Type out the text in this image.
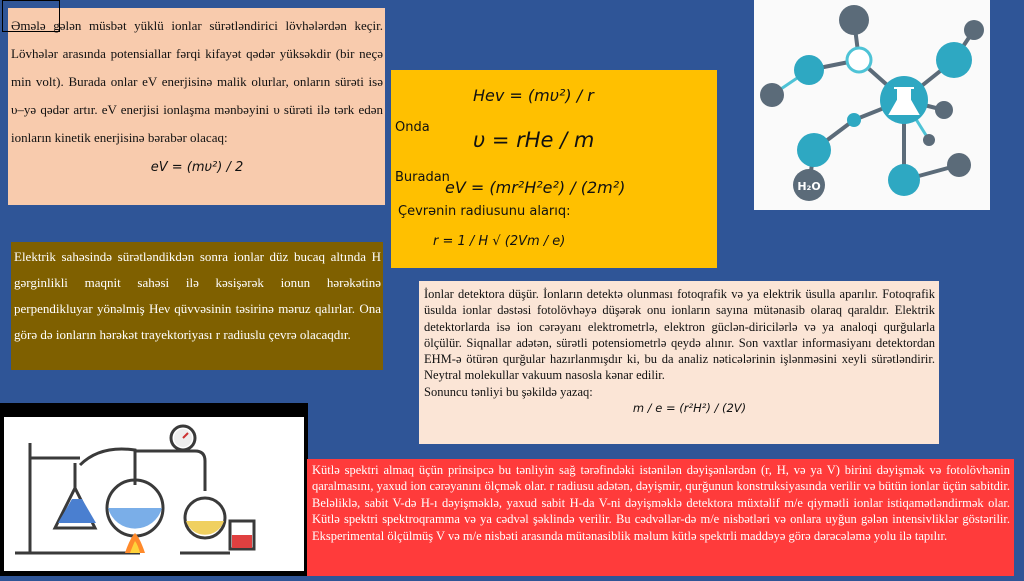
Əmələ gələn müsbət yüklü ionlar sürətləndirici lövhələrdən keçir. Lövhələr arasında potensiallar fərqi kifayət qədər yüksəkdir (bir neçə min volt). Burada onlar eV enerjisinə malik olurlar, onların sürəti isə υ–yə qədər artır. eV enerjisi ionlaşma mənbəyini υ sürəti ilə tərk edən ionların kinetik enerjisinə bərabər olacaq:
eV = (mυ²) / 2
Hev = (mυ²) / r
Onda
υ = rHe / m
Buradan
eV = (mr²H²e²) / (2m²)
Çevrənin radiusunu alarıq:
r = 1 / H √ (2Vm / e)
H₂O
Elektrik sahəsində sürətləndikdən sonra ionlar düz bucaq altında H gərginlikli maqnit sahəsi ilə kəsişərək ionun hərəkətinə perpendikluyar yönəlmiş Heν qüvvəsinin təsirinə məruz qalırlar. Ona görə də ionların hərəkət trayektoriyası r radiuslu çevrə olacaqdır.
İonlar detektora düşür. İonların detektə olunması fotoqrafik və ya elektrik üsulla aparılır. Fotoqrafik üsulda ionlar dəstəsi fotolövhəyə düşərək onu ionların sayına mütənasib olaraq qaraldır. Elektrik detektorlarda isə ion cərəyanı elektrometrlə, elektron güclən-diricilərlə və ya analoqi qurğularla ölçülür. Siqnallar adətən, sürətli potensiometrlə qeydə alınır. Son vaxtlar informasiyanı detektordan EHM-ə ötürən qurğular hazırlanmışdır ki, bu da analiz nəticələrinin işlənməsini xeyli sürətləndirir. Neytral molekullar vakuum nasosla kənar edilir.
Sonuncu tənliyi bu şəkildə yazaq:
m / e = (r²H²) / (2V)
Kütlə spektri almaq üçün prinsipcə bu tənliyin sağ tərəfindəki istənilən dəyişənlərdən (r, H, və ya V) birini dəyişmək və fotolövhənin qaralmasını, yaxud ion cərəyanını ölçmək olar. r radiusu adətən, dəyişmir, qurğunun konstruksiyasında verilir və bütün ionlar üçün sabitdir. Beləliklə, sabit V-də H-ı dəyişməklə, yaxud sabit H-da V-ni dəyişməklə detektora müxtəlif m/e qiymətli ionlar istiqamətləndirmək olar. Kütlə spektri spektroqramma və ya cədvəl şəklində verilir. Bu cədvəllər-də m/e nisbətləri və onlara uyğun gələn intensivliklər göstərilir. Eksperimental ölçülmüş V və m/e nisbəti arasında mütənasiblik məlum kütlə spektrli maddəyə görə dərəcələmə yolu ilə tapılır.
